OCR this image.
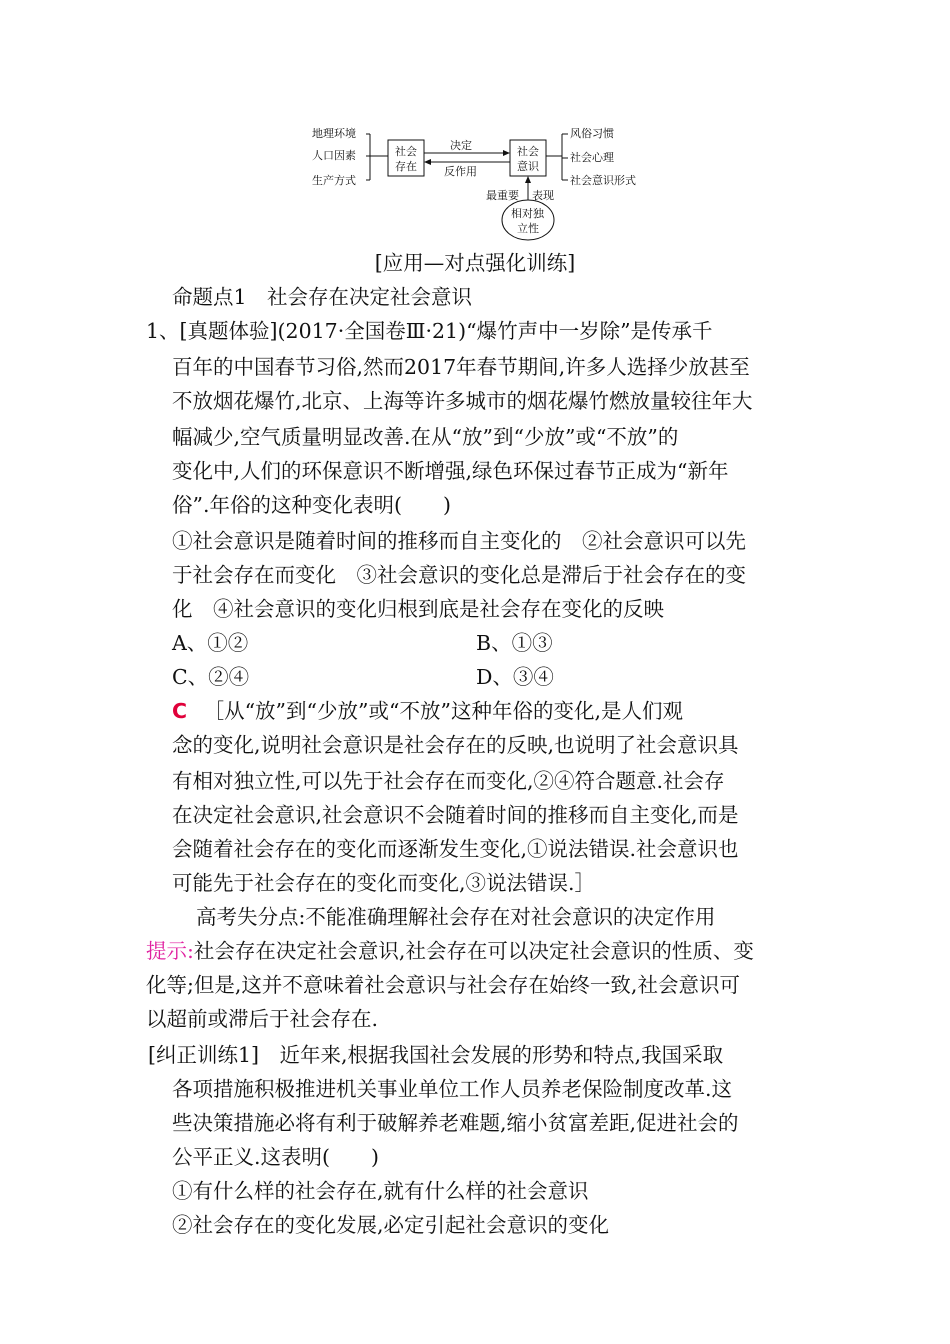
地理环境
人口因素
生产方式
社会
存在
决定
反作用
社会
意识
风俗习惯
社会心理
社会意识形式
最重要 表现
相对独
立性
[应用—对点强化训练]
命题点1　社会存在决定社会意识
1、[真题体验](2017·全国卷Ⅲ·21)“爆竹声中一岁除”是传承千
百年的中国春节习俗,然而2017年春节期间,许多人选择少放甚至
不放烟花爆竹,北京、上海等许多城市的烟花爆竹燃放量较往年大
幅减少,空气质量明显改善.在从“放”到“少放”或“不放”的
变化中,人们的环保意识不断增强,绿色环保过春节正成为“新年
俗”.年俗的这种变化表明(　　)
①社会意识是随着时间的推移而自主变化的　②社会意识可以先
于社会存在而变化　③社会意识的变化总是滞后于社会存在的变
化　④社会意识的变化归根到底是社会存在变化的反映
A、①②	B、①③
C、②④	D、③④
C ［从“放”到“少放”或“不放”这种年俗的变化,是人们观
念的变化,说明社会意识是社会存在的反映,也说明了社会意识具
有相对独立性,可以先于社会存在而变化,②④符合题意.社会存
在决定社会意识,社会意识不会随着时间的推移而自主变化,而是
会随着社会存在的变化而逐渐发生变化,①说法错误.社会意识也
可能先于社会存在的变化而变化,③说法错误.］
高考失分点:不能准确理解社会存在对社会意识的决定作用
提示:社会存在决定社会意识,社会存在可以决定社会意识的性质、变
化等;但是,这并不意味着社会意识与社会存在始终一致,社会意识可
以超前或滞后于社会存在.
[纠正训练1]　近年来,根据我国社会发展的形势和特点,我国采取
各项措施积极推进机关事业单位工作人员养老保险制度改革.这
些决策措施必将有利于破解养老难题,缩小贫富差距,促进社会的
公平正义.这表明(　　)
①有什么样的社会存在,就有什么样的社会意识
②社会存在的变化发展,必定引起社会意识的变化
